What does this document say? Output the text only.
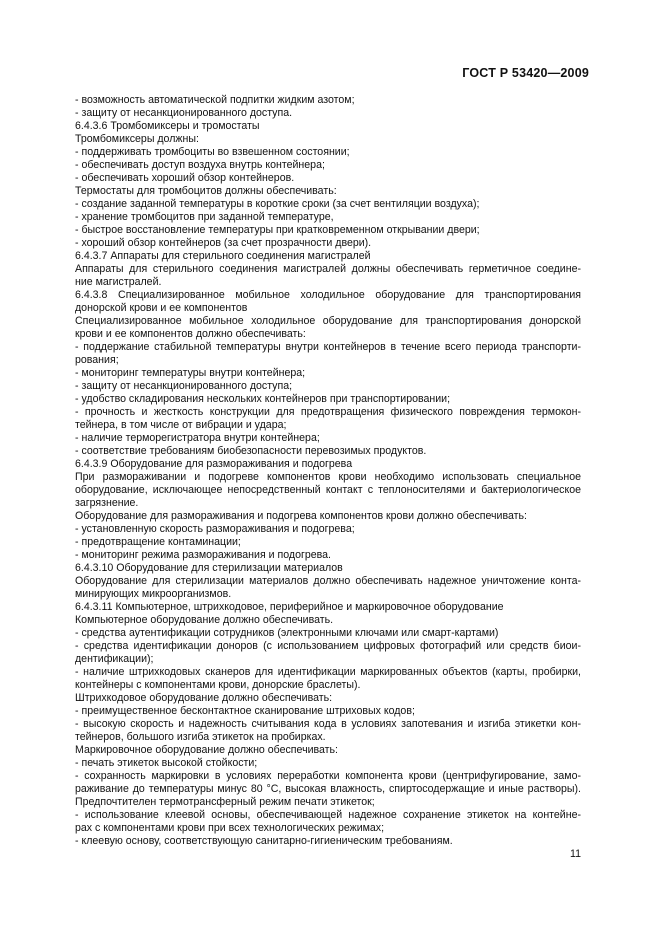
ГОСТ Р 53420—2009
- возможность автоматической подпитки жидким азотом;
- защиту от несанкционированного доступа.
6.4.3.6 Тромбомиксеры и тромостаты
Тромбомиксеры должны:
- поддерживать тромбоциты во взвешенном состоянии;
- обеспечивать доступ воздуха внутрь контейнера;
- обеспечивать хороший обзор контейнеров.
Термостаты для тромбоцитов должны обеспечивать:
- создание заданной температуры в короткие сроки (за счет вентиляции воздуха);
- хранение тромбоцитов при заданной температуре,
- быстрое восстановление температуры при кратковременном открывании двери;
- хороший обзор контейнеров (за счет прозрачности двери).
6.4.3.7 Аппараты для стерильного соединения магистралей
Аппараты для стерильного соединения магистралей должны обеспечивать герметичное соедине-
ние магистралей.
6.4.3.8 Специализированное мобильное холодильное оборудование для транспортирования
донорской крови и ее компонентов
Специализированное мобильное холодильное оборудование для транспортирования донорской
крови и ее компонентов должно обеспечивать:
- поддержание стабильной температуры внутри контейнеров в течение всего периода транспорти-
рования;
- мониторинг температуры внутри контейнера;
- защиту от несанкционированного доступа;
- удобство складирования нескольких контейнеров при транспортировании;
- прочность и жесткость конструкции для предотвращения физического повреждения термокон-
тейнера, в том числе от вибрации и удара;
- наличие терморегистратора внутри контейнера;
- соответствие требованиям биобезопасности перевозимых продуктов.
6.4.3.9 Оборудование для размораживания и подогрева
При размораживании и подогреве компонентов крови необходимо использовать специальное
оборудование, исключающее непосредственный контакт с теплоносителями и бактериологическое
загрязнение.
Оборудование для размораживания и подогрева компонентов крови должно обеспечивать:
- установленную скорость размораживания и подогрева;
- предотвращение контаминации;
- мониторинг режима размораживания и подогрева.
6.4.3.10 Оборудование для стерилизации материалов
Оборудование для стерилизации материалов должно обеспечивать надежное уничтожение конта-
минирующих микроорганизмов.
6.4.3.11 Компьютерное, штрихкодовое, периферийное и маркировочное оборудование
Компьютерное оборудование должно обеспечивать.
- средства аутентификации сотрудников (электронными ключами или смарт-картами)
- средства идентификации доноров (с использованием цифровых фотографий или средств биои-
дентификации);
- наличие штрихкодовых сканеров для идентификации маркированных объектов (карты, пробирки,
контейнеры с компонентами крови, донорские браслеты).
Штрихкодовое оборудование должно обеспечивать:
- преимущественное бесконтактное сканирование штриховых кодов;
- высокую скорость и надежность считывания кода в условиях запотевания и изгиба этикетки кон-
тейнеров, большого изгиба этикеток на пробирках.
Маркировочное оборудование должно обеспечивать:
- печать этикеток высокой стойкости;
- сохранность маркировки в условиях переработки компонента крови (центрифугирование, замо-
раживание до температуры минус 80 °С, высокая влажность, спиртосодержащие и иные растворы).
Предпочтителен термотрансферный режим печати этикеток;
- использование клеевой основы, обеспечивающей надежное сохранение этикеток на контейне-
рах с компонентами крови при всех технологических режимах;
- клеевую основу, соответствующую санитарно-гигиеническим требованиям.
11
